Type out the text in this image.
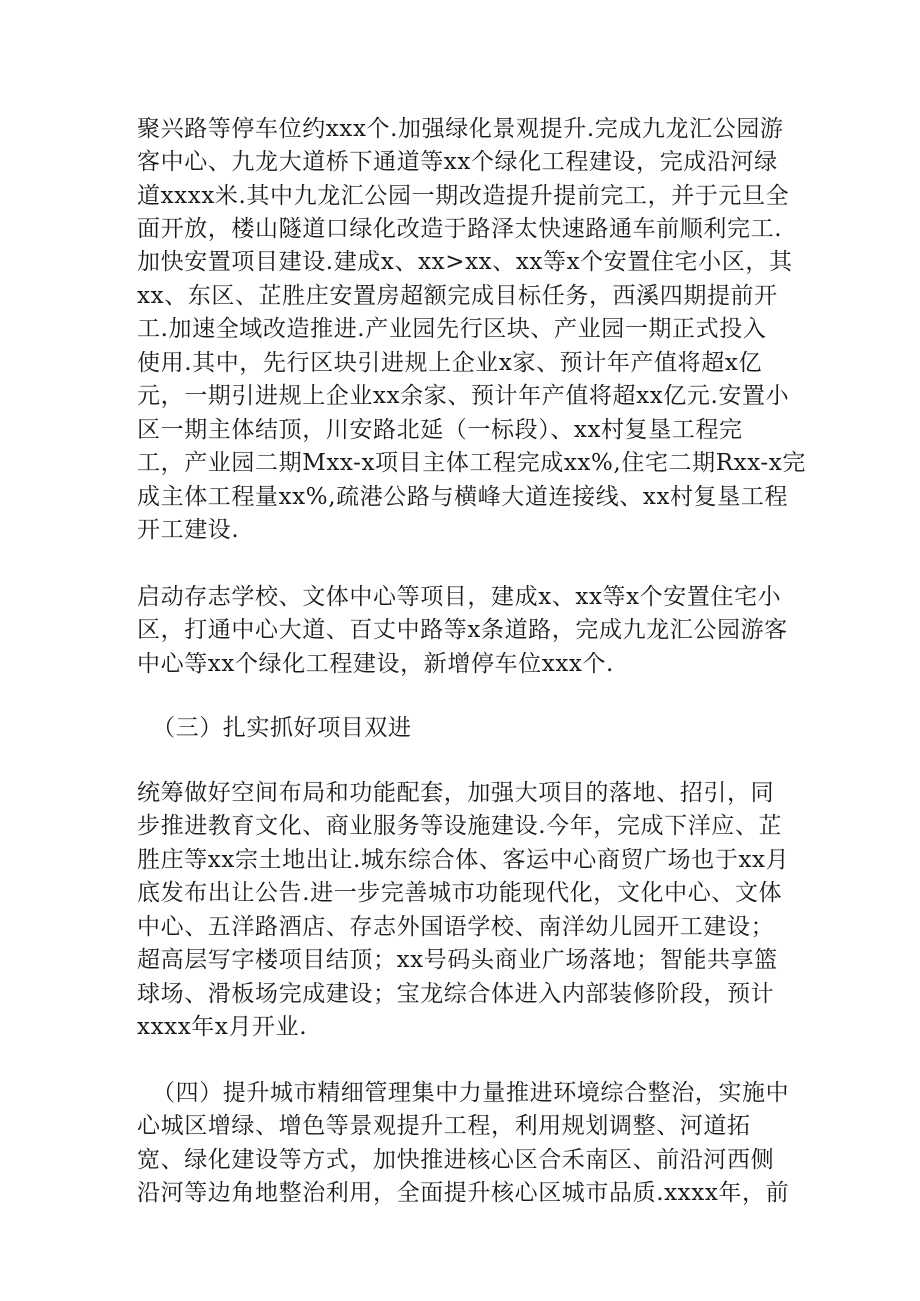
聚兴路等停车位约xxx个.加强绿化景观提升.完成九龙汇公园游
客中心、九龙大道桥下通道等xx个绿化工程建设，完成沿河绿
道xxxx米.其中九龙汇公园一期改造提升提前完工，并于元旦全
面开放，楼山隧道口绿化改造于路泽太快速路通车前顺利完工.
加快安置项目建设.建成x、xx>xx、xx等x个安置住宅小区，其
xx、东区、芷胜庄安置房超额完成目标任务，西溪四期提前开
工.加速全域改造推进.产业园先行区块、产业园一期正式投入
使用.其中，先行区块引进规上企业x家、预计年产值将超x亿
元，一期引进规上企业xx余家、预计年产值将超xx亿元.安置小
区一期主体结顶，川安路北延（一标段）、xx村复垦工程完
工，产业园二期Mxx-x项目主体工程完成xx%,住宅二期Rxx-x完
成主体工程量xx%,疏港公路与横峰大道连接线、xx村复垦工程
开工建设.
启动存志学校、文体中心等项目，建成x、xx等x个安置住宅小
区，打通中心大道、百丈中路等x条道路，完成九龙汇公园游客
中心等xx个绿化工程建设，新增停车位xxx个.
（三）扎实抓好项目双进
统筹做好空间布局和功能配套，加强大项目的落地、招引，同
步推进教育文化、商业服务等设施建设.今年，完成下洋应、芷
胜庄等xx宗土地出让.城东综合体、客运中心商贸广场也于xx月
底发布出让公告.进一步完善城市功能现代化，文化中心、文体
中心、五洋路酒店、存志外国语学校、南洋幼儿园开工建设；
超高层写字楼项目结顶；xx号码头商业广场落地；智能共享篮
球场、滑板场完成建设；宝龙综合体进入内部装修阶段，预计
xxxx年x月开业.
（四）提升城市精细管理集中力量推进环境综合整治，实施中
心城区增绿、增色等景观提升工程，利用规划调整、河道拓
宽、绿化建设等方式，加快推进核心区合禾南区、前沿河西侧
沿河等边角地整治利用，全面提升核心区城市品质.xxxx年，前
